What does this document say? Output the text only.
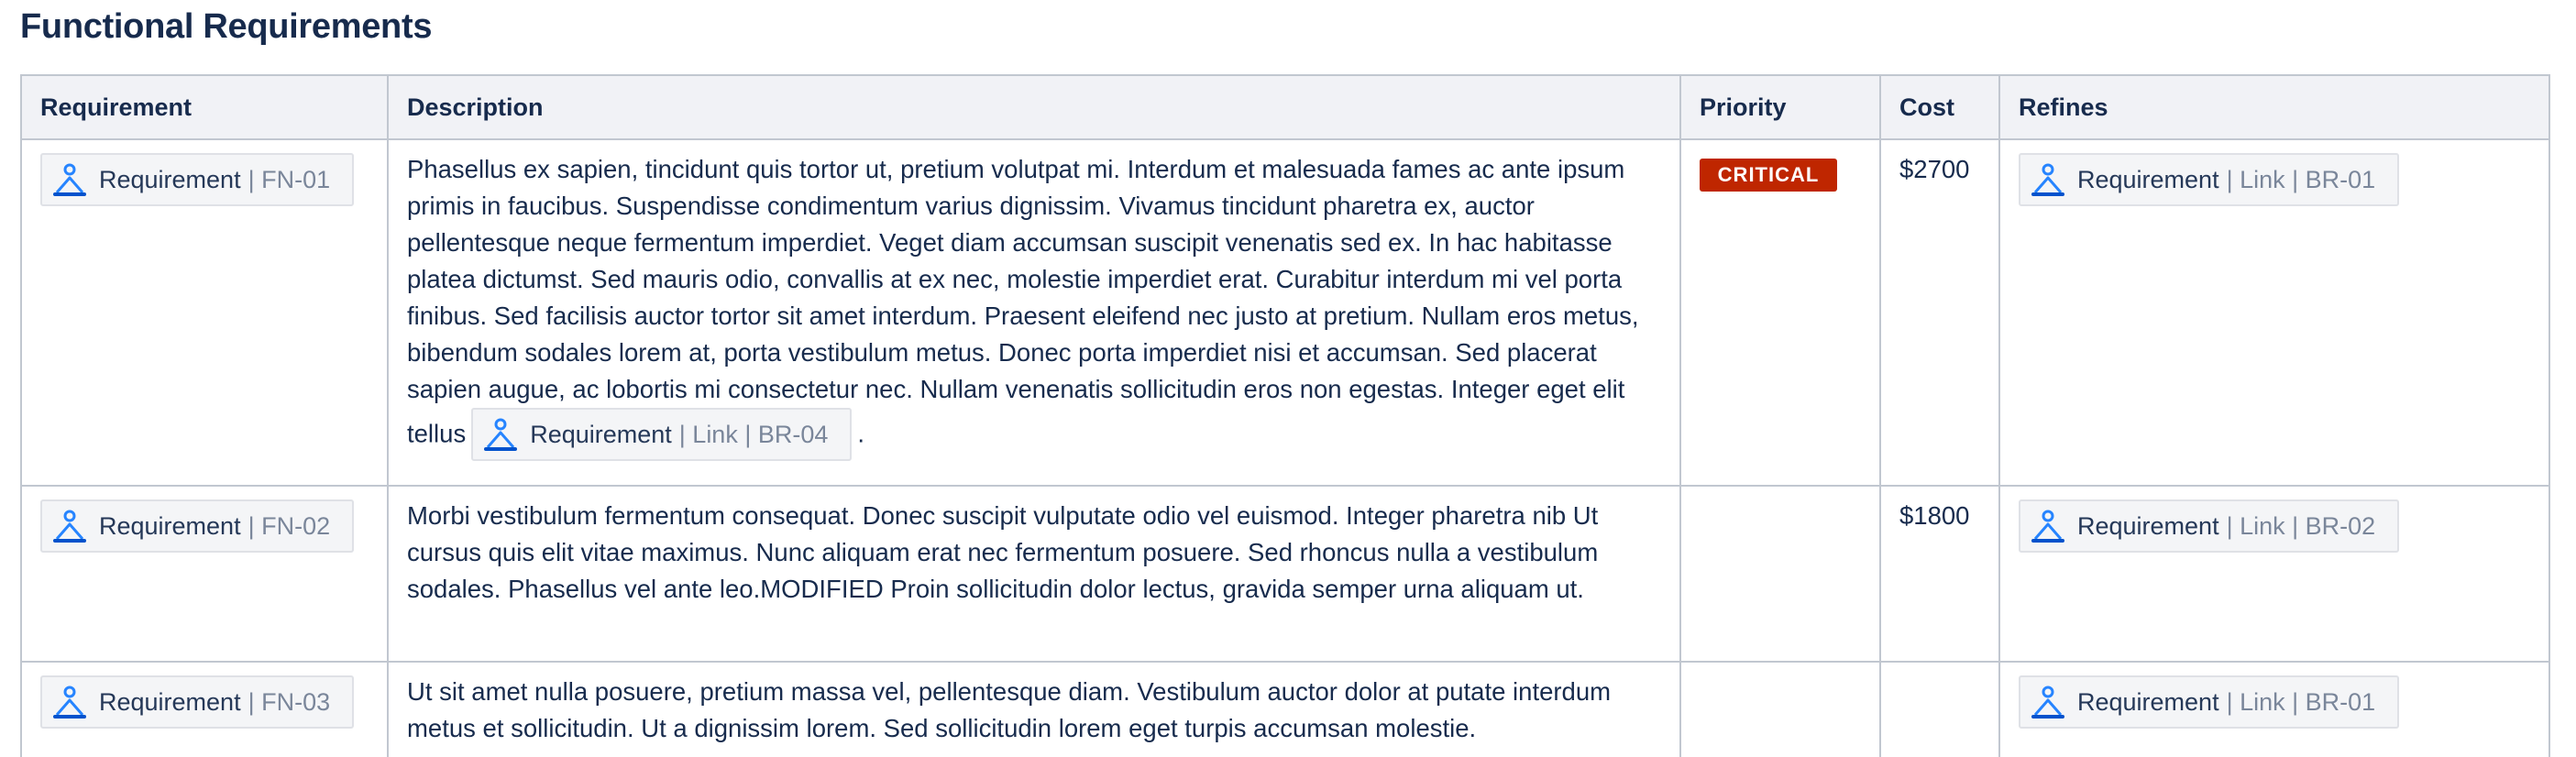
Functional Requirements
Requirement	Description	Priority	Cost	Refines

Requirement | FN-01	Phasellus ex sapien, tincidunt quis tortor ut, pretium volutpat mi. Interdum et malesuada fames ac ante ipsum primis in faucibus. Suspendisse condimentum varius dignissim. Vivamus tincidunt pharetra ex, auctor pellentesque neque fermentum imperdiet. Veget diam accumsan suscipit venenatis sed ex. In hac habitasse platea dictumst. Sed mauris odio, convallis at ex nec, molestie imperdiet erat. Curabitur interdum mi vel porta finibus. Sed facilisis auctor tortor sit amet interdum. Praesent eleifend nec justo at pretium. Nullam eros metus, bibendum sodales lorem at, porta vestibulum metus. Donec porta imperdiet nisi et accumsan. Sed placerat sapien augue, ac lobortis mi consectetur nec. Nullam venenatis sollicitudin eros non egestas. Integer eget elit tellus Requirement | Link | BR-04 .	CRITICAL	$2700	Requirement | Link | BR-01

Requirement | FN-02	Morbi vestibulum fermentum consequat. Donec suscipit vulputate odio vel euismod. Integer pharetra nib Ut cursus quis elit vitae maximus. Nunc aliquam erat nec fermentum posuere. Sed rhoncus nulla a vestibulum sodales. Phasellus vel ante leo.MODIFIED Proin sollicitudin dolor lectus, gravida semper urna aliquam ut.		$1800	Requirement | Link | BR-02

Requirement | FN-03	Ut sit amet nulla posuere, pretium massa vel, pellentesque diam. Vestibulum auctor dolor at putate interdum metus et sollicitudin. Ut a dignissim lorem. Sed sollicitudin lorem eget turpis accumsan molestie.			Requirement | Link | BR-01
